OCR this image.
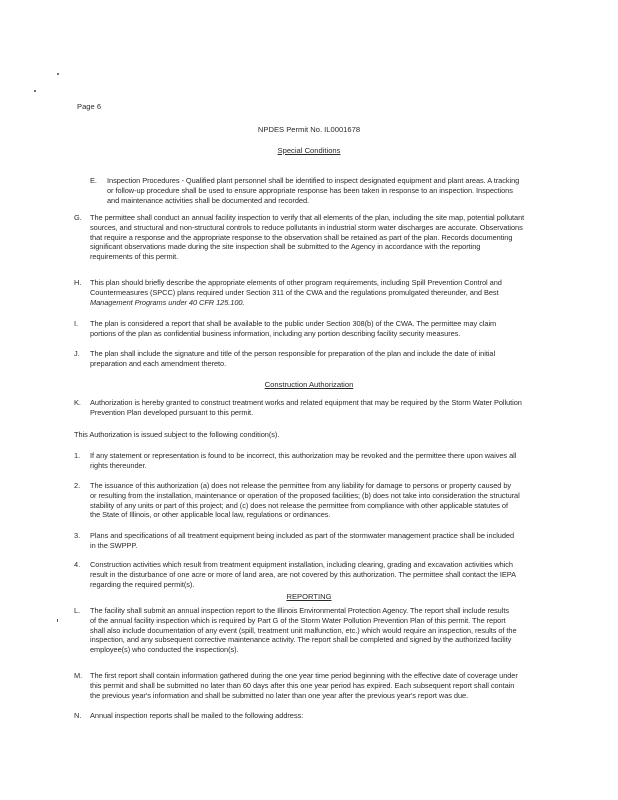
Page 6
NPDES Permit No. IL0001678
Special Conditions
E. Inspection Procedures - Qualified plant personnel shall be identified to inspect designated equipment and plant areas. A tracking
or follow-up procedure shall be used to ensure appropriate response has been taken in response to an inspection. Inspections
and maintenance activities shall be documented and recorded.
G. The permittee shall conduct an annual facility inspection to verify that all elements of the plan, including the site map, potential pollutant
sources, and structural and non-structural controls to reduce pollutants in industrial storm water discharges are accurate. Observations
that require a response and the appropriate response to the observation shall be retained as part of the plan. Records documenting
significant observations made during the site inspection shall be submitted to the Agency in accordance with the reporting
requirements of this permit.
H. This plan should briefly describe the appropriate elements of other program requirements, including Spill Prevention Control and
Countermeasures (SPCC) plans required under Section 311 of the CWA and the regulations promulgated thereunder, and Best
Management Programs under 40 CFR 125.100.
I. The plan is considered a report that shall be available to the public under Section 308(b) of the CWA. The permittee may claim
portions of the plan as confidential business information, including any portion describing facility security measures.
J. The plan shall include the signature and title of the person responsible for preparation of the plan and include the date of initial
preparation and each amendment thereto.
Construction Authorization
K. Authorization is hereby granted to construct treatment works and related equipment that may be required by the Storm Water Pollution
Prevention Plan developed pursuant to this permit.
This Authorization is issued subject to the following condition(s).
1. If any statement or representation is found to be incorrect, this authorization may be revoked and the permittee there upon waives all
rights thereunder.
2. The issuance of this authorization (a) does not release the permittee from any liability for damage to persons or property caused by
or resulting from the installation, maintenance or operation of the proposed facilities; (b) does not take into consideration the structural
stability of any units or part of this project; and (c) does not release the permittee from compliance with other applicable statutes of
the State of Illinois, or other applicable local law, regulations or ordinances.
3. Plans and specifications of all treatment equipment being included as part of the stormwater management practice shall be included
in the SWPPP.
4. Construction activities which result from treatment equipment installation, including clearing, grading and excavation activities which
result in the disturbance of one acre or more of land area, are not covered by this authorization. The permittee shall contact the IEPA
regarding the required permit(s).
REPORTING
L. The facility shall submit an annual inspection report to the Illinois Environmental Protection Agency. The report shall include results
of the annual facility inspection which is required by Part G of the Storm Water Pollution Prevention Plan of this permit. The report
shall also include documentation of any event (spill, treatment unit malfunction, etc.) which would require an inspection, results of the
inspection, and any subsequent corrective maintenance activity. The report shall be completed and signed by the authorized facility
employee(s) who conducted the inspection(s).
M. The first report shall contain information gathered during the one year time period beginning with the effective date of coverage under
this permit and shall be submitted no later than 60 days after this one year period has expired. Each subsequent report shall contain
the previous year's information and shall be submitted no later than one year after the previous year's report was due.
N. Annual inspection reports shall be mailed to the following address:
